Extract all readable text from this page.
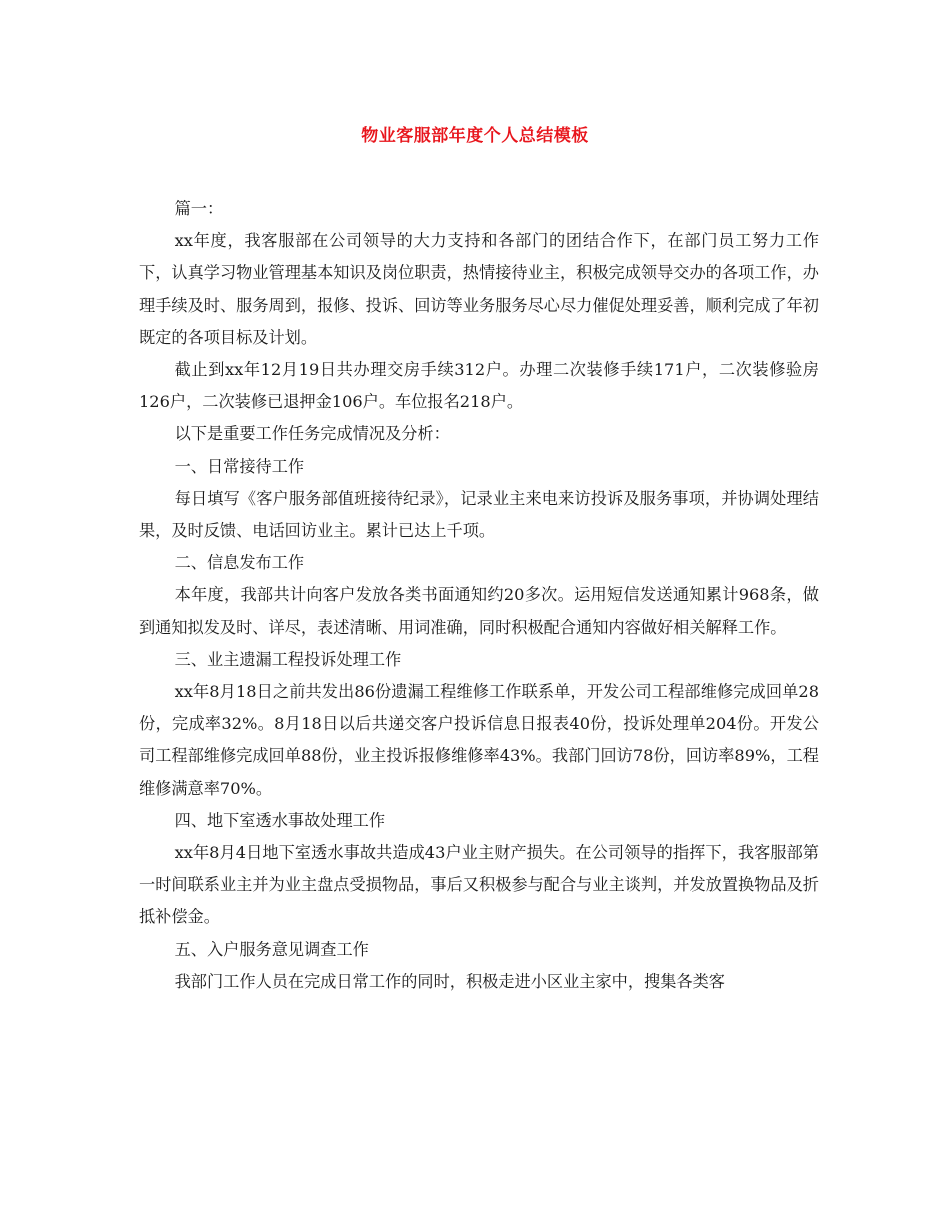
物业客服部年度个人总结模板

篇一：

xx年度，我客服部在公司领导的大力支持和各部门的团结合作下，在部门员工努力工作下，认真学习物业管理基本知识及岗位职责，热情接待业主，积极完成领导交办的各项工作，办理手续及时、服务周到，报修、投诉、回访等业务服务尽心尽力催促处理妥善，顺利完成了年初既定的各项目标及计划。

截止到xx年12月19日共办理交房手续312户。办理二次装修手续171户，二次装修验房126户，二次装修已退押金106户。车位报名218户。

以下是重要工作任务完成情况及分析：

一、日常接待工作

每日填写《客户服务部值班接待纪录》，记录业主来电来访投诉及服务事项，并协调处理结果，及时反馈、电话回访业主。累计已达上千项。

二、信息发布工作

本年度，我部共计向客户发放各类书面通知约20多次。运用短信发送通知累计968条，做到通知拟发及时、详尽，表述清晰、用词准确，同时积极配合通知内容做好相关解释工作。

三、业主遗漏工程投诉处理工作

xx年8月18日之前共发出86份遗漏工程维修工作联系单，开发公司工程部维修完成回单28份，完成率32%。8月18日以后共递交客户投诉信息日报表40份，投诉处理单204份。开发公司工程部维修完成回单88份，业主投诉报修维修率43%。我部门回访78份，回访率89%，工程维修满意率70%。

四、地下室透水事故处理工作

xx年8月4日地下室透水事故共造成43户业主财产损失。在公司领导的指挥下，我客服部第一时间联系业主并为业主盘点受损物品，事后又积极参与配合与业主谈判，并发放置换物品及折抵补偿金。

五、入户服务意见调查工作

我部门工作人员在完成日常工作的同时，积极走进小区业主家中，搜集各类客
